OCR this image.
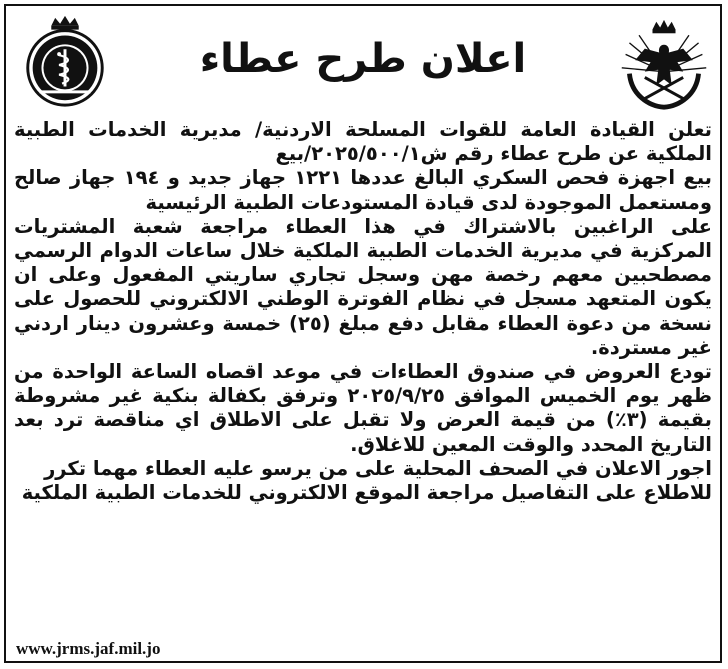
اعلان طرح عطاء

تعلن القيادة العامة للقوات المسلحة الاردنية/ مديرية الخدمات الطبية الملكية عن طرح عطاء رقم ش٢٠٢٥/٥٠٠/١/بيع

بيع اجهزة فحص السكري البالغ عددها ١٢٢١ جهاز جديد و ١٩٤ جهاز صالح ومستعمل الموجودة لدى قيادة المستودعات الطبية الرئيسية

على الراغبين بالاشتراك في هذا العطاء مراجعة شعبة المشتريات المركزية في مديرية الخدمات الطبية الملكية خلال ساعات الدوام الرسمي مصطحبين معهم رخصة مهن وسجل تجاري ساريتي المفعول وعلى ان يكون المتعهد مسجل في نظام الفوترة الوطني الالكتروني للحصول على نسخة من دعوة العطاء مقابل دفع مبلغ (٢٥) خمسة وعشرون دينار اردني غير مستردة.

تودع العروض في صندوق العطاءات في موعد اقصاه الساعة الواحدة من ظهر يوم الخميس الموافق ٢٠٢٥/٩/٢٥ وترفق بكفالة بنكية غير مشروطة بقيمة (٣٪) من قيمة العرض ولا تقبل على الاطلاق اي مناقصة ترد بعد التاريخ المحدد والوقت المعين للاغلاق.

اجور الاعلان في الصحف المحلية على من يرسو عليه العطاء مهما تكرر

للاطلاع على التفاصيل مراجعة الموقع الالكتروني للخدمات الطبية الملكية

www.jrms.jaf.mil.jo
